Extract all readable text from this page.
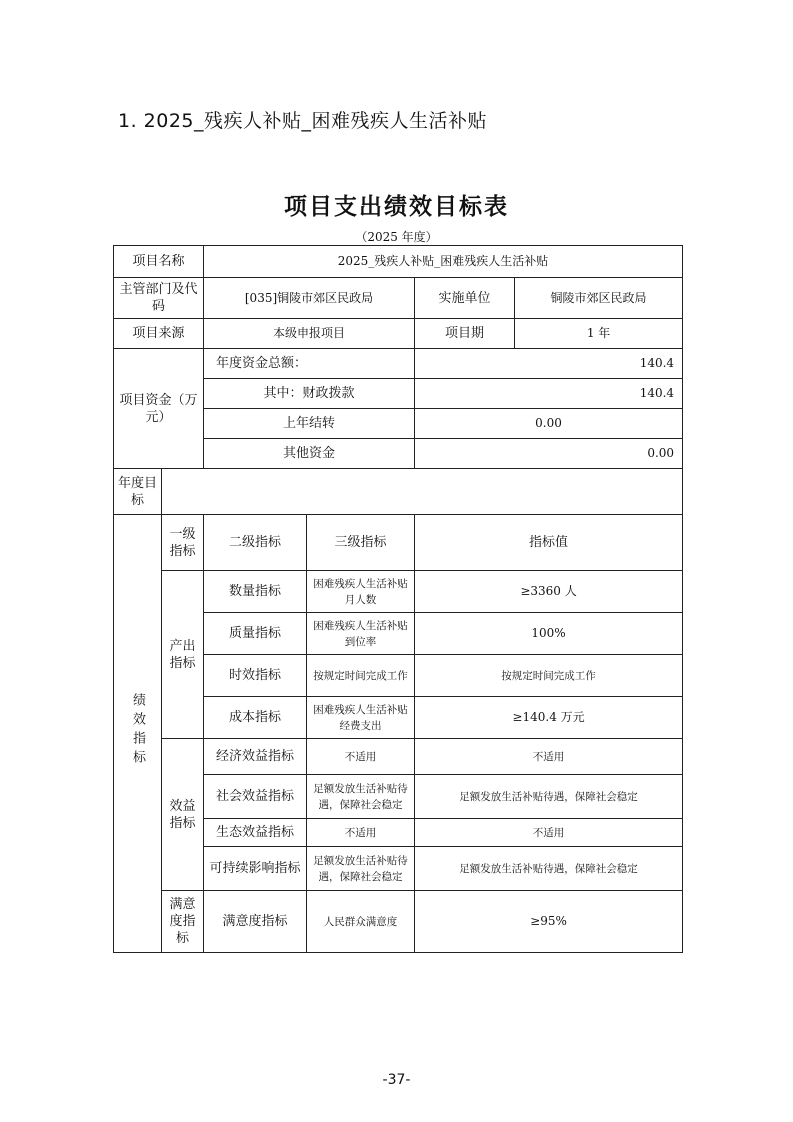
1. 2025_残疾人补贴_困难残疾人生活补贴
项目支出绩效目标表
（2025 年度）
项目名称		2025_残疾人补贴_困难残疾人生活补贴			
主管部门及代码		[035]铜陵市郊区民政局		实施单位	铜陵市郊区民政局
项目来源		本级申报项目		项目期	1 年
项目资金（万元）		年度资金总额：		140.4	
		其中：财政拨款		140.4	
		上年结转		0.00	
		其他资金		0.00	
年度目标					
绩效指标	一级指标	二级指标	三级指标	指标值	
	产出指标	数量指标	困难残疾人生活补贴月人数	≥3360 人	
		质量指标	困难残疾人生活补贴到位率	100%	
		时效指标	按规定时间完成工作	按规定时间完成工作	
		成本指标	困难残疾人生活补贴经费支出	≥140.4 万元	
	效益指标	经济效益指标	不适用	不适用	
		社会效益指标	足额发放生活补贴待遇，保障社会稳定	足额发放生活补贴待遇，保障社会稳定	
		生态效益指标	不适用	不适用	
		可持续影响指标	足额发放生活补贴待遇，保障社会稳定	足额发放生活补贴待遇，保障社会稳定	
	满意度指标	满意度指标	人民群众满意度	≥95%	
-37-
